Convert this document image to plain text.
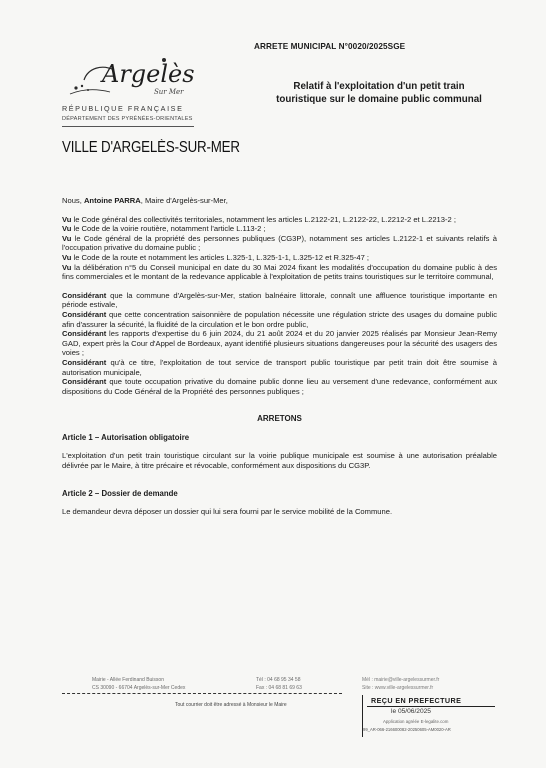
Argelès
Sur Mer
RÉPUBLIQUE FRANÇAISE
DÉPARTEMENT DES PYRÉNÉES-ORIENTALES
VILLE D'ARGELÈS-SUR-MER
ARRETE MUNICIPAL N°0020/2025SGE
Relatif à l'exploitation d'un petit train
touristique sur le domaine public communal

Nous, Antoine PARRA, Maire d'Argelès-sur-Mer,

Vu le Code général des collectivités territoriales, notamment les articles L.2122-21, L.2122-22, L.2212-2 et L.2213-2 ;

Vu le Code de la voirie routière, notamment l'article L.113-2 ;

Vu le Code général de la propriété des personnes publiques (CG3P), notamment ses articles L.2122-1 et suivants relatifs à l'occupation privative du domaine public ;

Vu le Code de la route et notamment les articles L.325-1, L.325-1-1, L.325-12 et R.325-47 ;

Vu la délibération n°5 du Conseil municipal en date du 30 Mai 2024 fixant les modalités d'occupation du domaine public à des fins commerciales et le montant de la redevance applicable à l'exploitation de petits trains touristiques sur le territoire communal,

Considérant que la commune d'Argelès-sur-Mer, station balnéaire littorale, connaît une affluence touristique importante en période estivale,

Considérant que cette concentration saisonnière de population nécessite une régulation stricte des usages du domaine public afin d'assurer la sécurité, la fluidité de la circulation et le bon ordre public,

Considérant les rapports d'expertise du 6 juin 2024, du 21 août 2024 et du 20 janvier 2025 réalisés par Monsieur Jean-Remy GAD, expert près la Cour d'Appel de Bordeaux, ayant identifié plusieurs situations dangereuses pour la sécurité des usagers des voies ;

Considérant qu'à ce titre, l'exploitation de tout service de transport public touristique par petit train doit être soumise à autorisation municipale,

Considérant que toute occupation privative du domaine public donne lieu au versement d'une redevance, conformément aux dispositions du Code Général de la Propriété des personnes publiques ;

ARRETONS

Article 1 – Autorisation obligatoire

L'exploitation d'un petit train touristique circulant sur la voirie publique municipale est soumise à une autorisation préalable délivrée par le Maire, à titre précaire et révocable, conformément aux dispositions du CG3P.

Article 2 – Dossier de demande

Le demandeur devra déposer un dossier qui lui sera fourni par le service mobilité de la Commune.

Mairie - Allée Ferdinand Buisson
CS 30090 - 66704 Argelès-sur-Mer Cedex
Tél : 04 68 95 34 58
Fax : 04 68 81 69 63
Mél : mairie@ville-argelessurmer.fr
Site : www.ville-argelessurmer.fr
Tout courrier doit être adressé à Monsieur le Maire	REÇU EN PREFECTURE
le 05/06/2025
Application agréée E-legalite.com
99_AR-066-216600082-20250605-AM0020-AR
